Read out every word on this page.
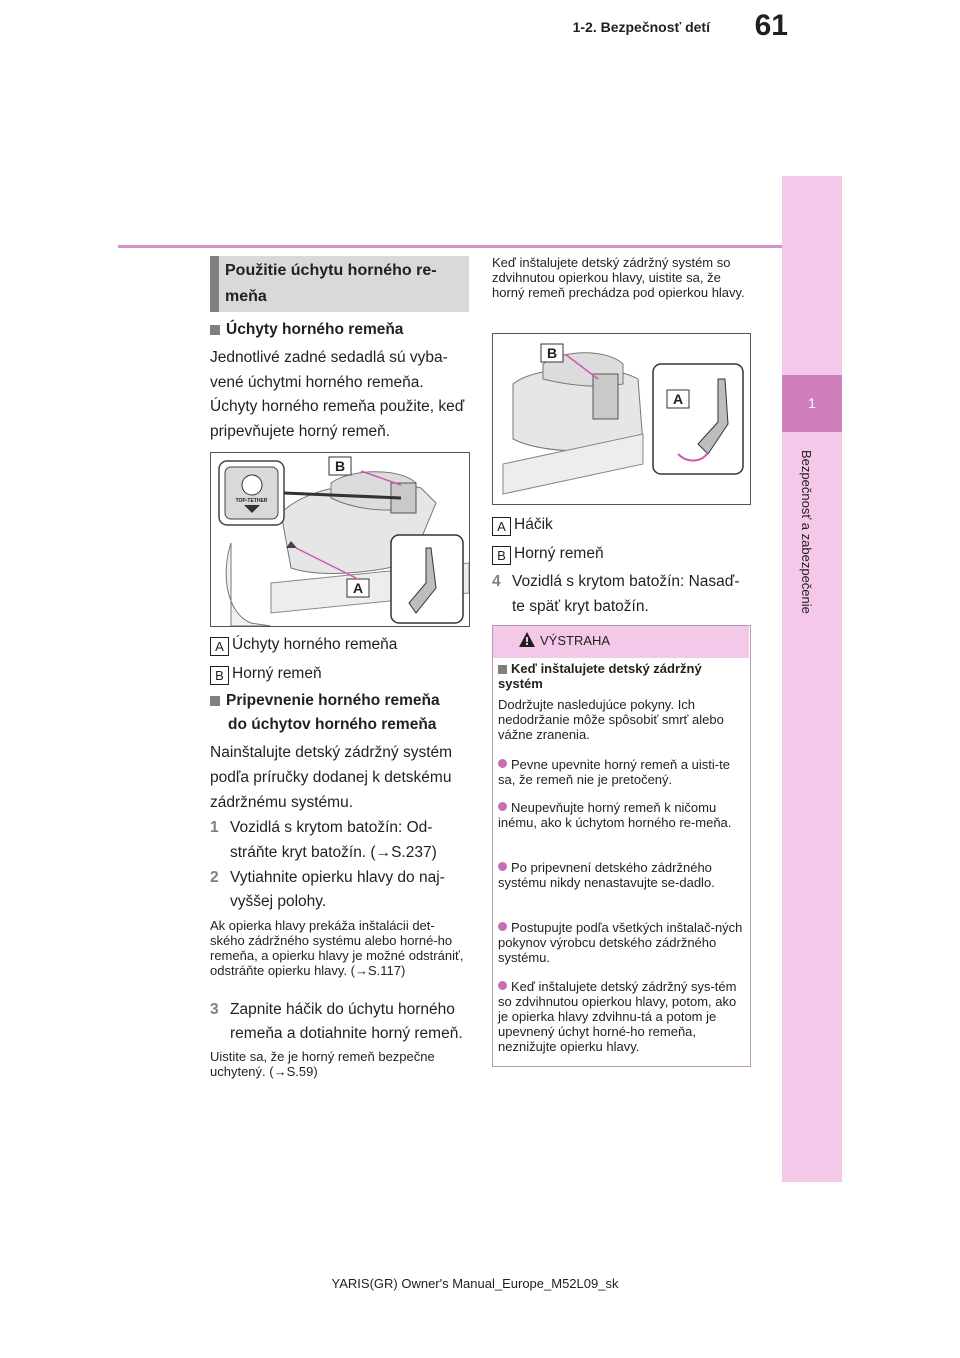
61
1-2. Bezpečnosť detí
1
Bezpečnosť a zabezpečenie
Použitie úchytu horného re-meňa
Úchyty horného remeňa
Jednotlivé zadné sedadlá sú vyba-vené úchytmi horného remeňa.
Úchyty horného remeňa použite, keď pripevňujete horný remeň.
B
A
TOP-TETHER
A Úchyty horného remeňa
B Horný remeň
Pripevnenie horného remeňa
do úchytov horného remeňa
Nainštalujte detský zádržný systém podľa príručky dodanej k detskému zádržnému systému.
1 Vozidlá s krytom batožín: Od-
stráňte kryt batožín. (→S.237)
2 Vytiahnite opierku hlavy do naj-
vyššej polohy.
Ak opierka hlavy prekáža inštalácii det-ského zádržného systému alebo horné-ho remeňa, a opierku hlavy je možné odstrániť, odstráňte opierku hlavy. (→S.117)
3 Zapnite háčik do úchytu horného
remeňa a dotiahnite horný remeň.
Uistite sa, že je horný remeň bezpečne uchytený. (→S.59)
Keď inštalujete detský zádržný systém so zdvihnutou opierkou hlavy, uistite sa, že horný remeň prechádza pod opierkou hlavy.
B
A
A Háčik
B Horný remeň
4 Vozidlá s krytom batožín: Nasaď-
te späť kryt batožín.
VÝSTRAHA
Keď inštalujete detský zádržný systém
Dodržujte nasledujúce pokyny. Ich nedodržanie môže spôsobiť smrť alebo vážne zranenia.
Pevne upevnite horný remeň a uisti-te sa, že remeň nie je pretočený.
Neupevňujte horný remeň k ničomu inému, ako k úchytom horného re-meňa.
Po pripevnení detského zádržného systému nikdy nenastavujte se-dadlo.
Postupujte podľa všetkých inštalač-ných pokynov výrobcu detského zádržného systému.
Keď inštalujete detský zádržný sys-tém so zdvihnutou opierkou hlavy, potom, ako je opierka hlavy zdvihnu-tá a potom je upevnený úchyt horné-ho remeňa, neznižujte opierku hlavy.
YARIS(GR) Owner's Manual_Europe_M52L09_sk
